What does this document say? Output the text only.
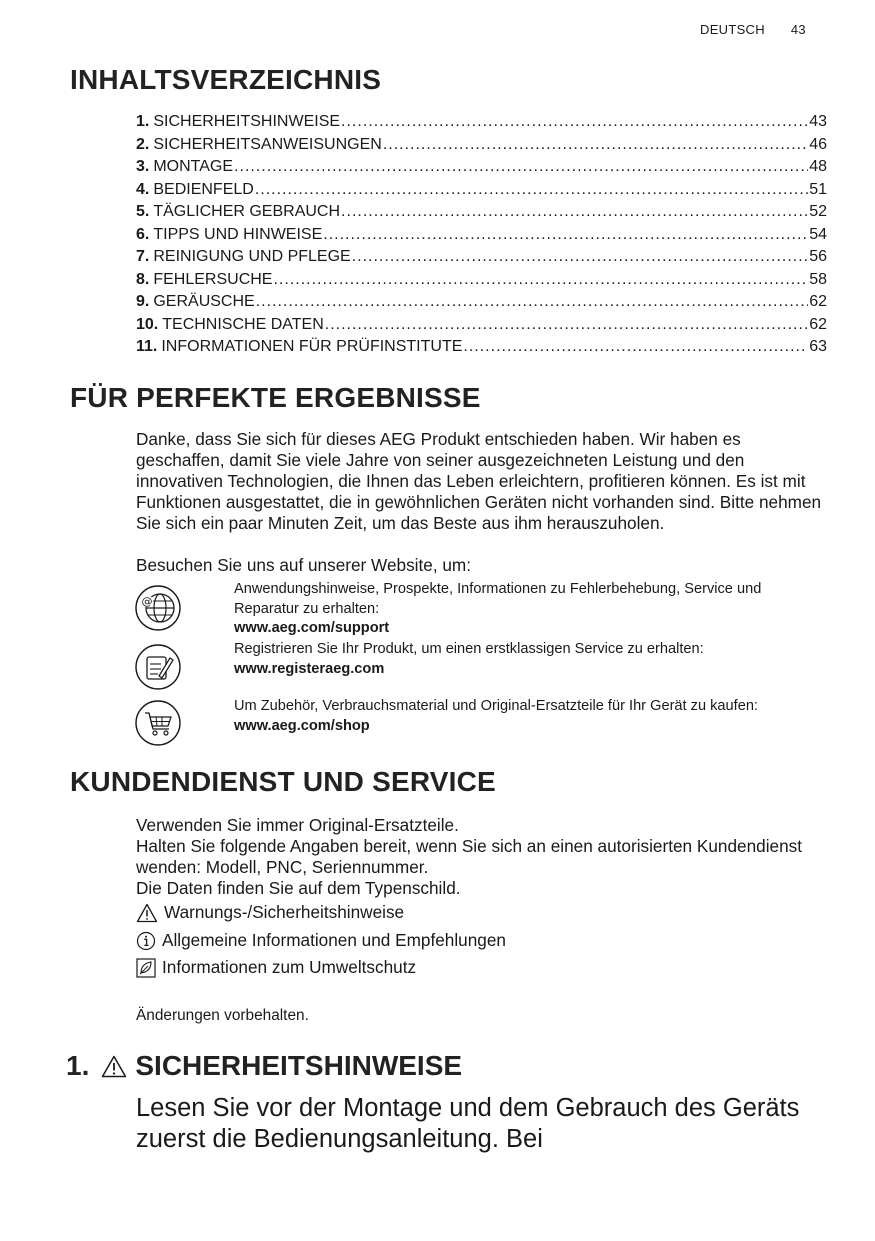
DEUTSCH 43
INHALTSVERZEICHNIS
1. SICHERHEITSHINWEISE .....	43
2. SICHERHEITSANWEISUNGEN .....	46
3. MONTAGE .....	48
4. BEDIENFELD .....	51
5. TÄGLICHER GEBRAUCH .....	52
6. TIPPS UND HINWEISE .....	54
7. REINIGUNG UND PFLEGE .....	56
8. FEHLERSUCHE .....	58
9. GERÄUSCHE .....	62
10. TECHNISCHE DATEN .....	62
11. INFORMATIONEN FÜR PRÜFINSTITUTE .....	63
FÜR PERFEKTE ERGEBNISSE
Danke, dass Sie sich für dieses AEG Produkt entschieden haben. Wir haben es geschaffen, damit Sie viele Jahre von seiner ausgezeichneten Leistung und den innovativen Technologien, die Ihnen das Leben erleichtern, profitieren können. Es ist mit Funktionen ausgestattet, die in gewöhnlichen Geräten nicht vorhanden sind. Bitte nehmen Sie sich ein paar Minuten Zeit, um das Beste aus ihm herauszuholen.
Besuchen Sie uns auf unserer Website, um:
@
Anwendungshinweise, Prospekte, Informationen zu Fehlerbehebung, Service und Reparatur zu erhalten:
www.aeg.com/support
Registrieren Sie Ihr Produkt, um einen erstklassigen Service zu erhalten:
www.registeraeg.com
Um Zubehör, Verbrauchsmaterial und Original-Ersatzteile für Ihr Gerät zu kaufen:
www.aeg.com/shop
KUNDENDIENST UND SERVICE
Verwenden Sie immer Original-Ersatzteile.
Halten Sie folgende Angaben bereit, wenn Sie sich an einen autorisierten Kundendienst wenden: Modell, PNC, Seriennummer.
Die Daten finden Sie auf dem Typenschild.
Warnungs-/Sicherheitshinweise
Allgemeine Informationen und Empfehlungen
Informationen zum Umweltschutz
Änderungen vorbehalten.
1. SICHERHEITSHINWEISE
Lesen Sie vor der Montage und dem Gebrauch des Geräts zuerst die Bedienungsanleitung. Bei
